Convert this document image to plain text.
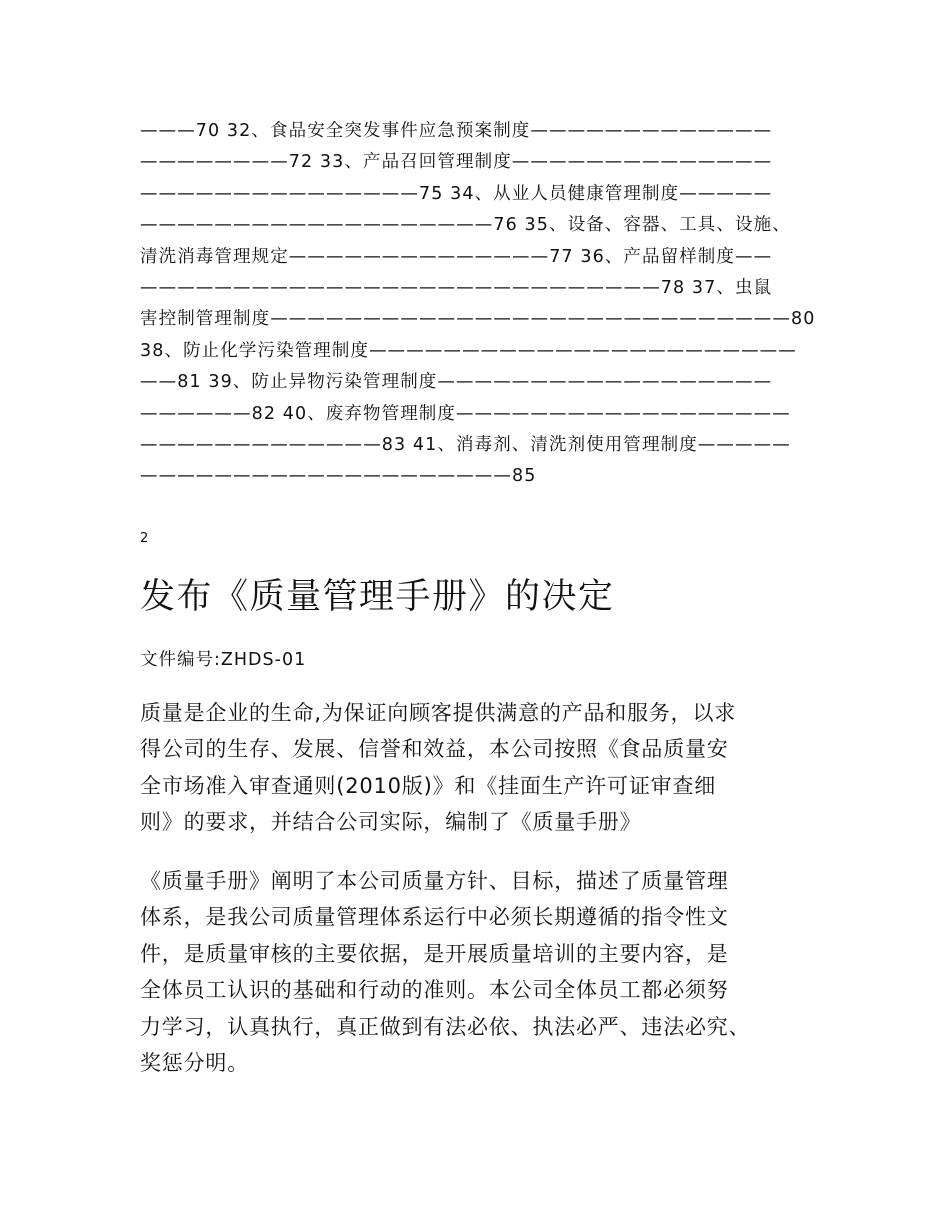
———70 32、食品安全突发事件应急预案制度—————————————
————————72 33、产品召回管理制度——————————————
———————————————75 34、从业人员健康管理制度—————
———————————————————76 35、设备、容器、工具、设施、
清洗消毒管理规定——————————————77 36、产品留样制度——
————————————————————————————78 37、虫鼠
害控制管理制度————————————————————————————80
38、防止化学污染管理制度———————————————————————
——81 39、防止异物污染管理制度——————————————————
——————82 40、废弃物管理制度——————————————————
—————————————83 41、消毒剂、清洗剂使用管理制度—————
————————————————————85

2
发布《质量管理手册》的决定
文件编号:ZHDS-01

质量是企业的生命,为保证向顾客提供满意的产品和服务，以求
得公司的生存、发展、信誉和效益，本公司按照《食品质量安
全市场准入审查通则(2010版)》和《挂面生产许可证审查细
则》的要求，并结合公司实际，编制了《质量手册》

《质量手册》阐明了本公司质量方针、目标，描述了质量管理
体系，是我公司质量管理体系运行中必须长期遵循的指令性文
件，是质量审核的主要依据，是开展质量培训的主要内容，是
全体员工认识的基础和行动的准则。本公司全体员工都必须努
力学习，认真执行，真正做到有法必依、执法必严、违法必究、
奖惩分明。
